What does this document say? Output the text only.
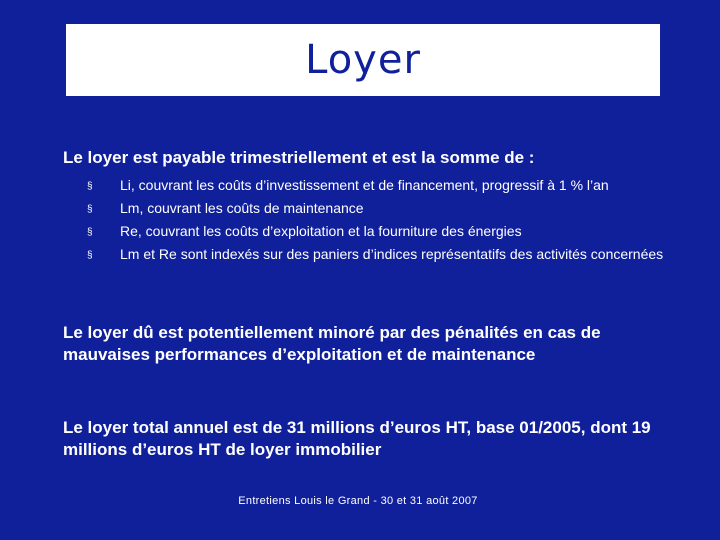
Loyer

Le loyer est payable trimestriellement et est la somme de :

§ Li, couvrant les coûts d’investissement et de financement, progressif à 1 % l’an
§ Lm, couvrant les coûts de maintenance
§ Re, couvrant les coûts d’exploitation et la fourniture des énergies
§ Lm et Re sont indexés sur des paniers d’indices représentatifs des activités concernées

Le loyer dû est potentiellement minoré par des pénalités en cas de mauvaises performances d’exploitation et de maintenance

Le loyer total annuel est de 31 millions d’euros HT, base 01/2005, dont 19 millions d’euros HT de loyer immobilier

Entretiens Louis le Grand - 30 et 31 août 2007
